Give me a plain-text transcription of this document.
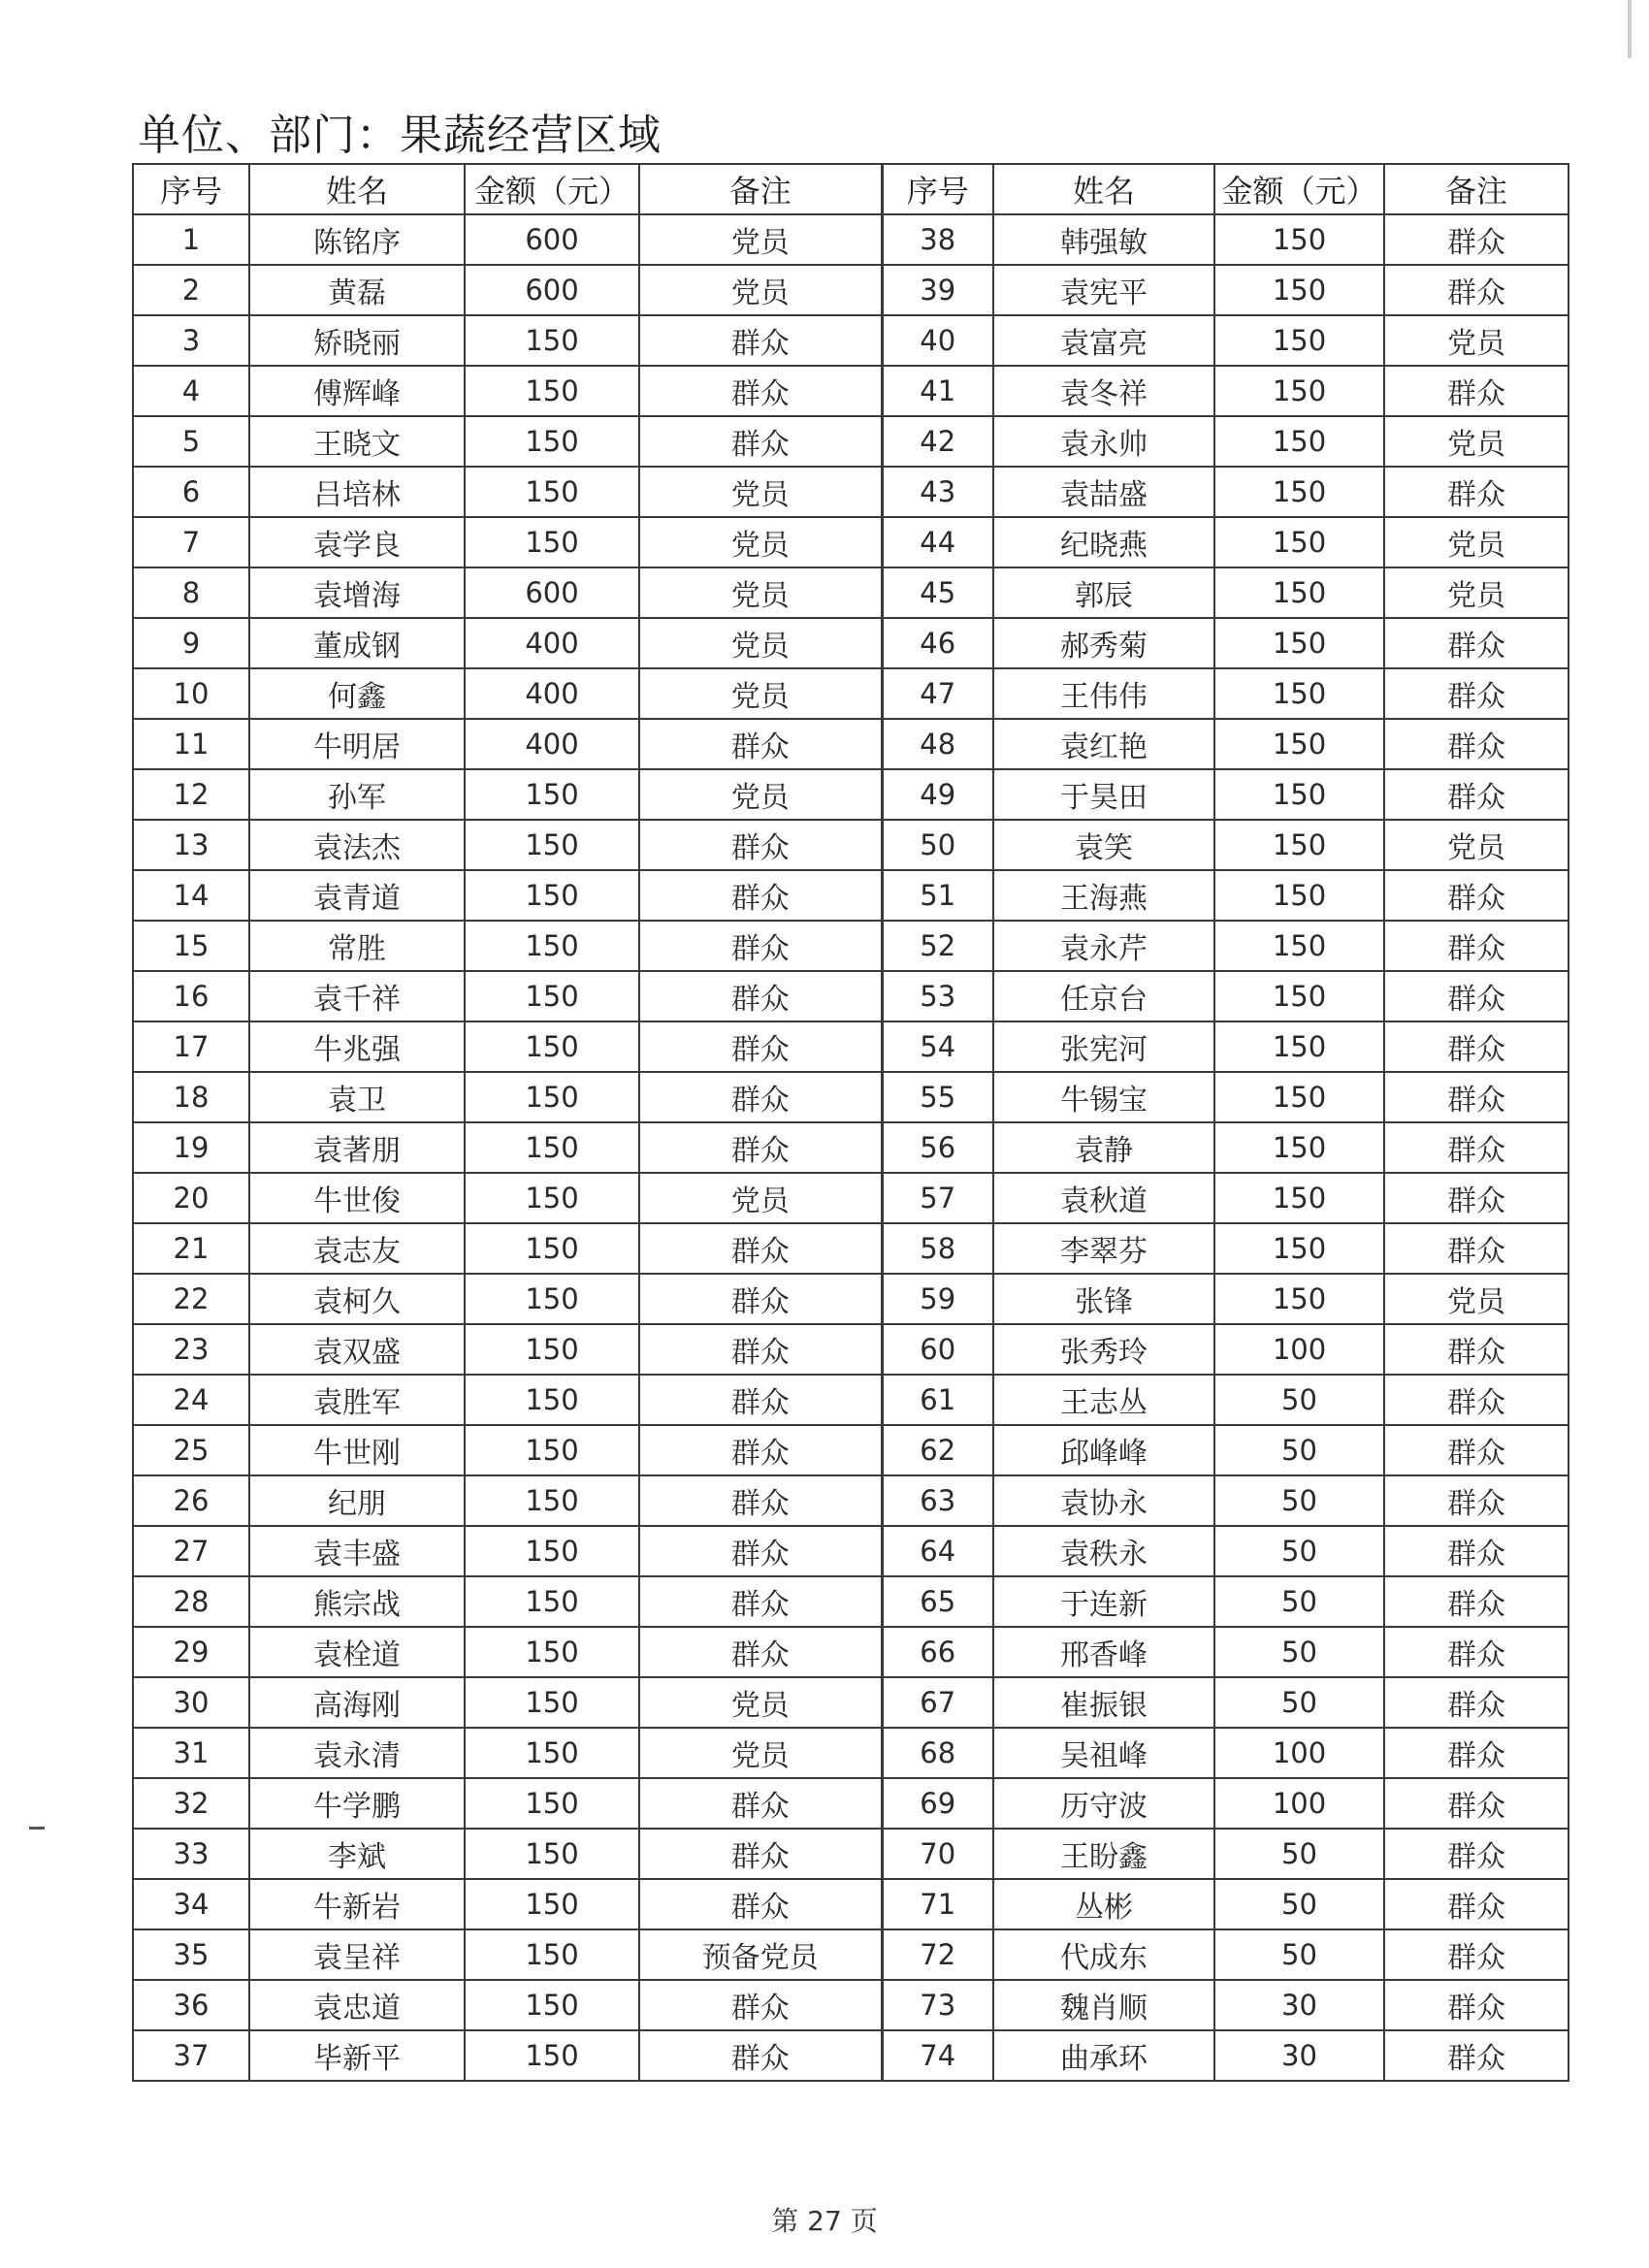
单位、部门：果蔬经营区域
序号	姓名	金额（元）	备注	序号	姓名	金额（元）	备注
1	陈铭序	600	党员	38	韩强敏	150	群众
2	黄磊	600	党员	39	袁宪平	150	群众
3	矫晓丽	150	群众	40	袁富亮	150	党员
4	傅辉峰	150	群众	41	袁冬祥	150	群众
5	王晓文	150	群众	42	袁永帅	150	党员
6	吕培林	150	党员	43	袁喆盛	150	群众
7	袁学良	150	党员	44	纪晓燕	150	党员
8	袁增海	600	党员	45	郭辰	150	党员
9	董成钢	400	党员	46	郝秀菊	150	群众
10	何鑫	400	党员	47	王伟伟	150	群众
11	牛明居	400	群众	48	袁红艳	150	群众
12	孙军	150	党员	49	于昊田	150	群众
13	袁法杰	150	群众	50	袁笑	150	党员
14	袁青道	150	群众	51	王海燕	150	群众
15	常胜	150	群众	52	袁永芹	150	群众
16	袁千祥	150	群众	53	任京台	150	群众
17	牛兆强	150	群众	54	张宪河	150	群众
18	袁卫	150	群众	55	牛锡宝	150	群众
19	袁著朋	150	群众	56	袁静	150	群众
20	牛世俊	150	党员	57	袁秋道	150	群众
21	袁志友	150	群众	58	李翠芬	150	群众
22	袁柯久	150	群众	59	张锋	150	党员
23	袁双盛	150	群众	60	张秀玲	100	群众
24	袁胜军	150	群众	61	王志丛	50	群众
25	牛世刚	150	群众	62	邱峰峰	50	群众
26	纪朋	150	群众	63	袁协永	50	群众
27	袁丰盛	150	群众	64	袁秩永	50	群众
28	熊宗战	150	群众	65	于连新	50	群众
29	袁栓道	150	群众	66	邢香峰	50	群众
30	高海刚	150	党员	67	崔振银	50	群众
31	袁永清	150	党员	68	吴祖峰	100	群众
32	牛学鹏	150	群众	69	历守波	100	群众
33	李斌	150	群众	70	王盼鑫	50	群众
34	牛新岩	150	群众	71	丛彬	50	群众
35	袁呈祥	150	预备党员	72	代成东	50	群众
36	袁忠道	150	群众	73	魏肖顺	30	群众
37	毕新平	150	群众	74	曲承环	30	群众
第 27 页
